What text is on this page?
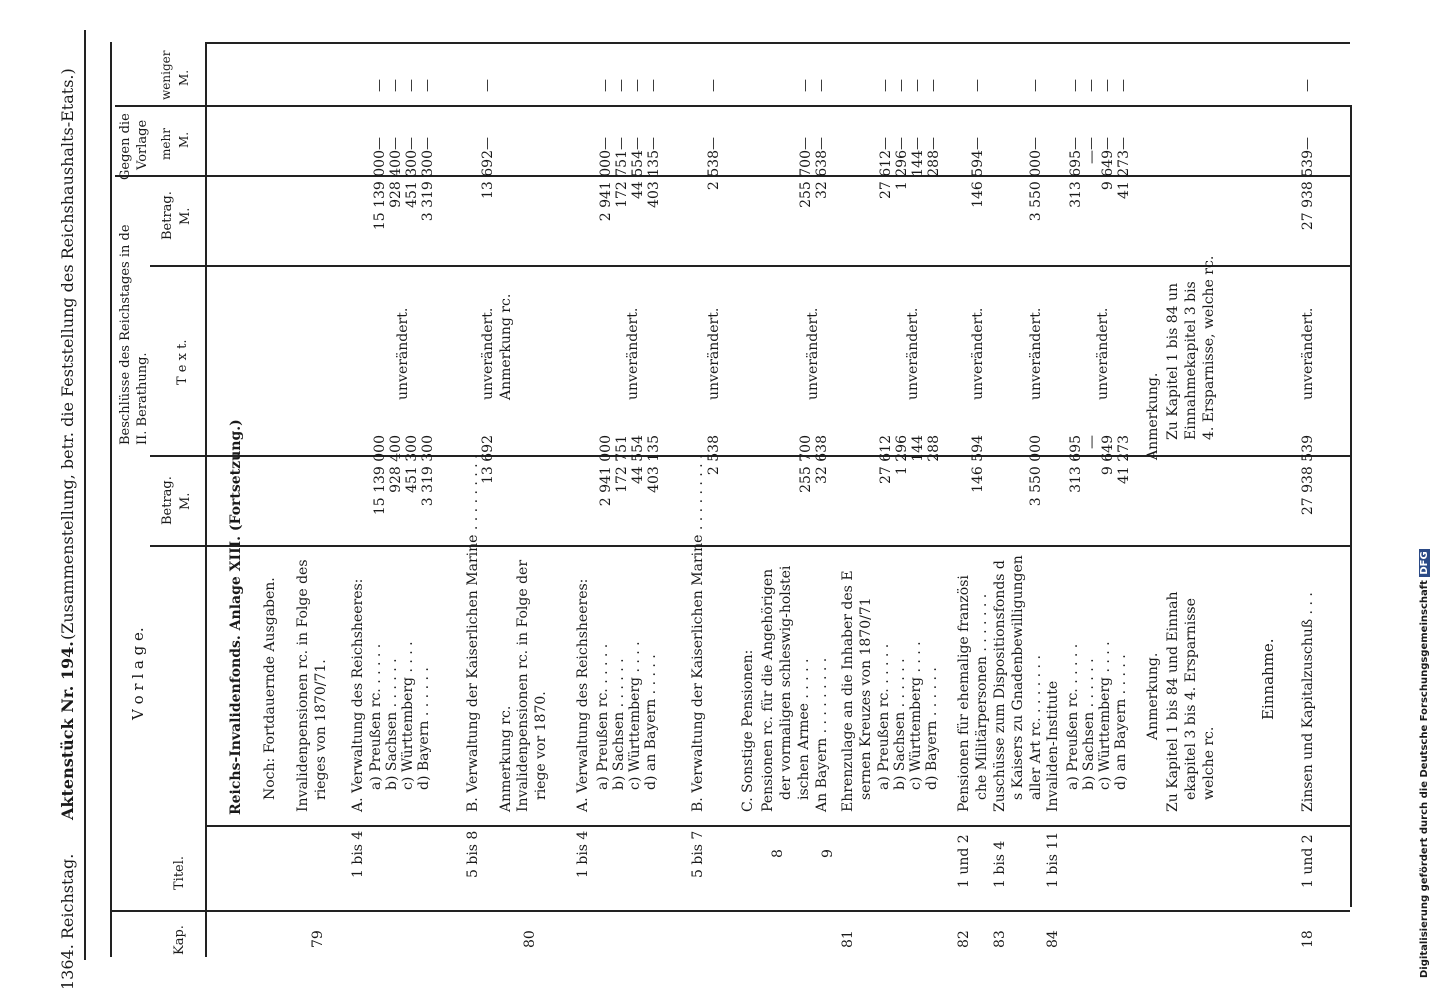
1364. Reichstag.
Aktenstück Nr. 194.
(Zusammenstellung, betr. die Feststellung des Reichshaushalts-Etats.)
Kap.
Titel.
V o r l a g e.
Betrag. M.
Beschlüsse des Reichstages in de II. Berathung. T e x t.
Betrag. M.
Gegen die Vorlage mehr M.
weniger M.
Reichs-Invalidenfonds. Anlage XIII. (Fortsetzung.) Noch: Fortdauernde Ausgaben.
79
Invalidenpensionen rc. in Folge des rieges von 1870/71.
1 bis 4
A. Verwaltung des Reichsheeres: a) Preußen rc. . . . . . b) Sachsen . . . . . . c) Württemberg . . . . d) Bayern . . . . . .
15 139 000 928 400 451 300 3 319 300
15 139 000 928 400 451 300 3 319 300
unverändert.
5 bis 8
B. Verwaltung der Kaiserlichen Marine . . . . . . . . . 13 692
13 692
unverändert. Anmerkung rc.
Anmerkung rc.
80
Invalidenpensionen rc. in Folge der riege vor 1870.
1 bis 4
A. Verwaltung des Reichsheeres: a) Preußen rc. . . . . . b) Sachsen . . . . . . c) Württemberg . . . . d) an Bayern . . . . .
2 941 000 172 751 44 554 403 135
2 941 000 172 751 44 554 403 135
unverändert.
5 bis 7
B. Verwaltung der Kaiserlichen Marine . . . . . . . . . 2 538
2 538
unverändert.
C. Sonstige Pensionen:
8
Pensionen rc. für die Angehörigen der vormaligen schleswig-holstei ischen Armee . . . . .
255 700
255 700
unverändert.
9
An Bayern . . . . . . . . .
32 638
32 638
81
Ehrenzulage an die Inhaber des E sernen Kreuzes von 1870/71 a) Preußen rc. . . . . . b) Sachsen . . . . . . c) Württemberg . . . . d) Bayern . . . . . .
27 612 1 296 144 288
27 612 1 296 144 288
unverändert.
82
1 und 2
Pensionen für ehemalige französi che Militärpersonen . . . . . . .
146 594
146 594
unverändert.
83
1 bis 4
Zuschüsse zum Dispositionsfonds d s Kaisers zu Gnadenbewilligungen aller Art rc. . . . . . . .
3 550 000
3 550 000
unverändert.
84
1 bis 11
Invaliden-Institute a) Preußen rc. . . . . . b) Sachsen . . . . . . c) Württemberg . . . . d) an Bayern . . . . .
313 695 — 9 649 41 273
313 695 — 9 649 41 273
unverändert.
Anmerkung.
Anmerkung.
Zu Kapitel 1 bis 84 und Einnah ekapitel 3 bis 4. Ersparnisse welche rc.
Zu Kapitel 1 bis 84 un Einnahmekapitel 3 bis 4. Ersparnisse, welche rc.
Einnahme.
18
1 und 2
Zinsen und Kapitalzuschuß . . .
27 938 539
27 938 539
unverändert.
—
—
—
—
—
—
—
—
—
—
—
—
—
—
—
—
—
—
—
—
—
—
—
—
—
—
—
—
—
—
—
—
—
—
—
—
—
—
—
—
—
—
—
—
—
—
Digitalisierung gefördert durch die Deutsche Forschungsgemeinschaft DFG
